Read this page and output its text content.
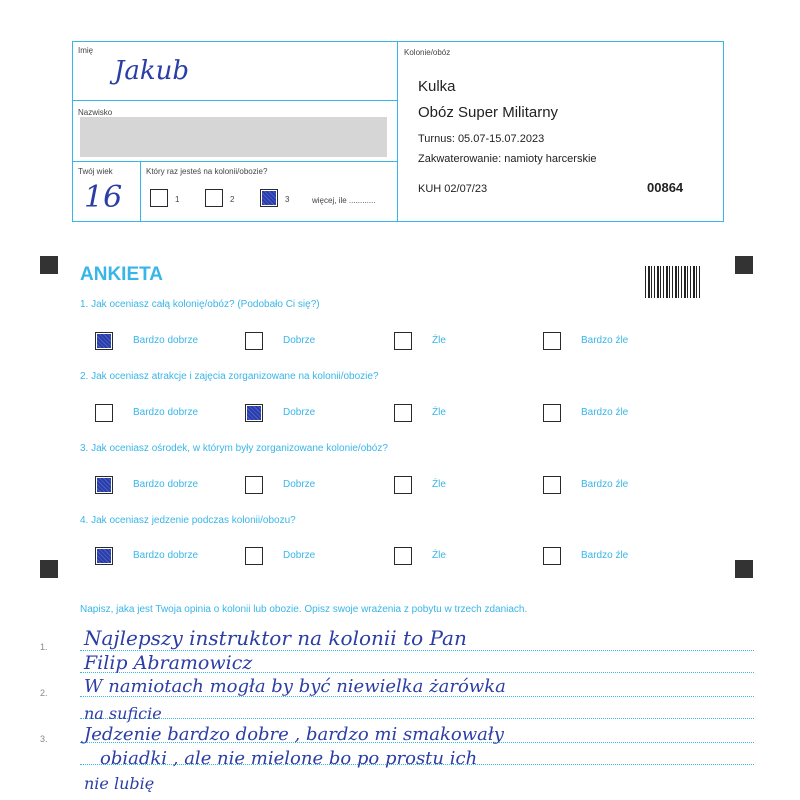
Imię
Jakub
Nazwisko
Twój wiek
16
Który raz jesteś na kolonii/obozie?
1	2	3	więcej, ile ............
Kolonie/obóz
Kulka
Obóz Super Militarny
Turnus: 05.07-15.07.2023
Zakwaterowanie: namioty harcerskie
KUH 02/07/23	00864
ANKIETA
1. Jak oceniasz całą kolonię/obóz? (Podobało Ci się?)
Bardzo dobrze	Dobrze	Źle	Bardzo źle
2. Jak oceniasz atrakcje i zajęcia zorganizowane na kolonii/obozie?
Bardzo dobrze	Dobrze	Źle	Bardzo źle
3. Jak oceniasz ośrodek, w którym były zorganizowane kolonie/obóz?
Bardzo dobrze	Dobrze	Źle	Bardzo źle
4. Jak oceniasz jedzenie podczas kolonii/obozu?
Bardzo dobrze	Dobrze	Źle	Bardzo źle
Napisz, jaka jest Twoja opinia o kolonii lub obozie. Opisz swoje wrażenia z pobytu w trzech zdaniach.
1.
2.
3.
Najlepszy instruktor na kolonii to Pan
Filip Abramowicz
W namiotach mogła by być niewielka żarówka
na suficie
Jedzenie bardzo dobre , bardzo mi smakowały
obiadki , ale nie mielone bo po prostu ich
nie lubię
